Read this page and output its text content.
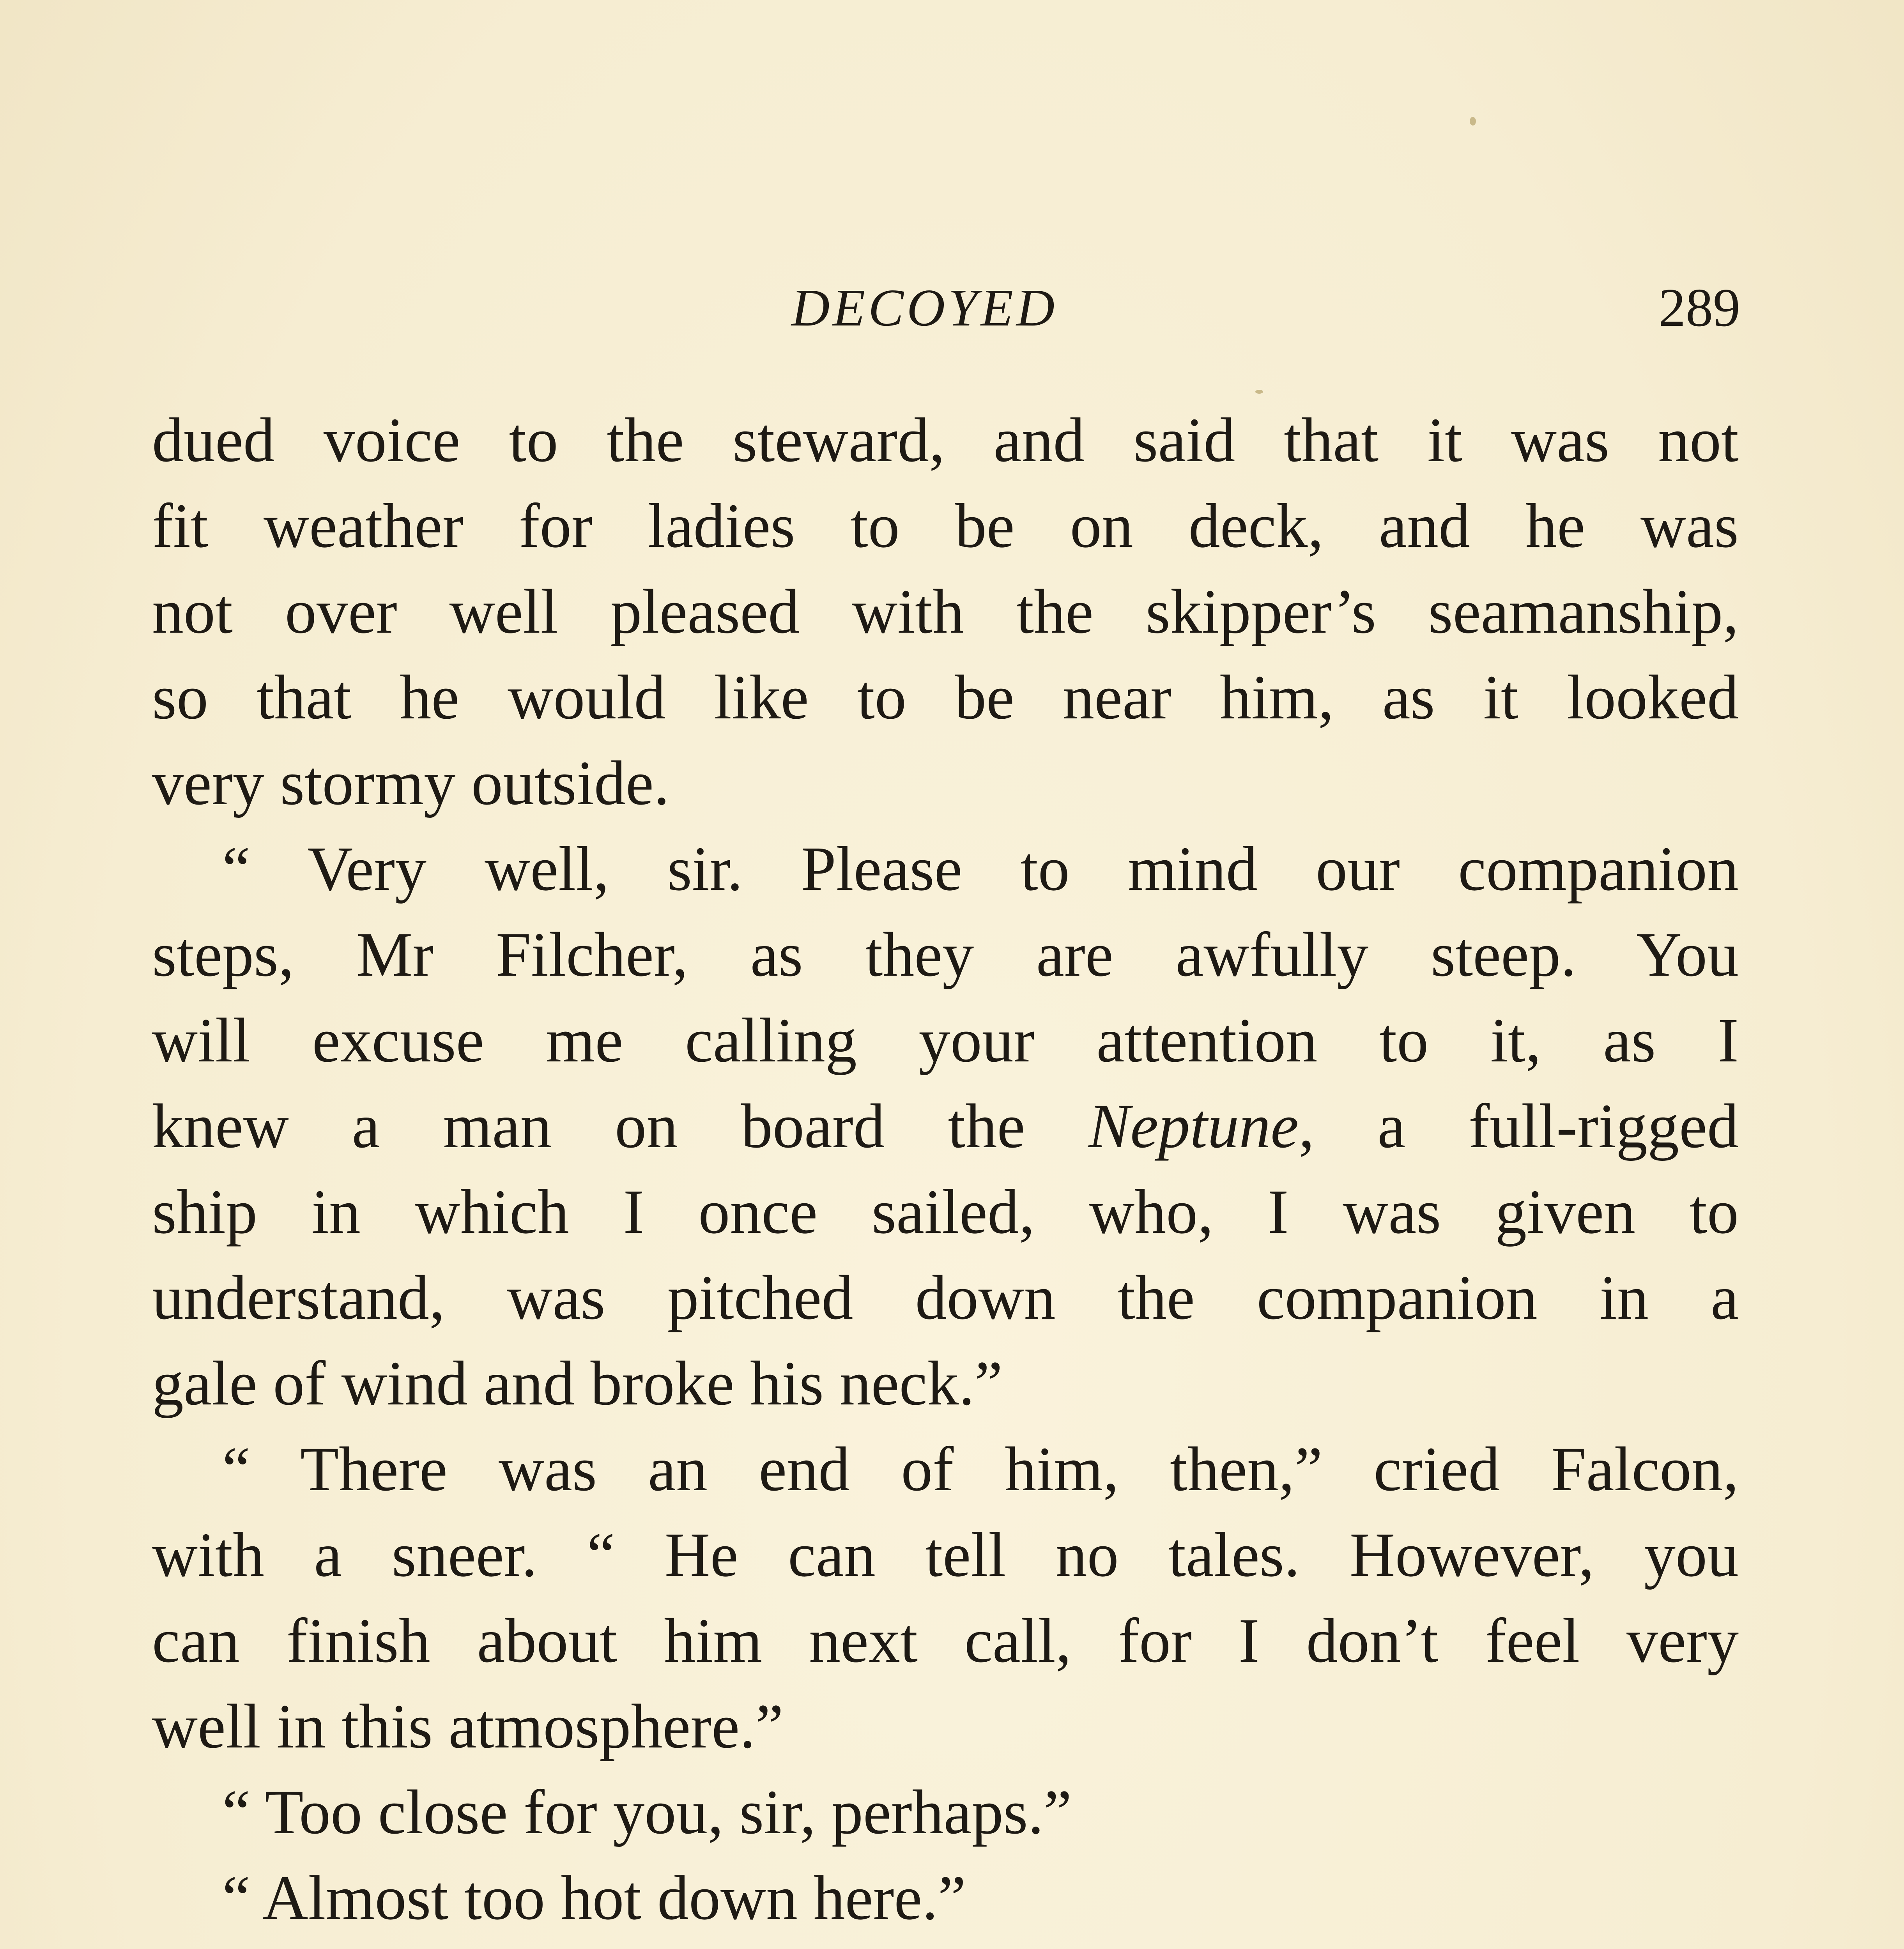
DECOYED	289
dued voice to the steward, and said that it was not
fit weather for ladies to be on deck, and he was
not over well pleased with the skipper’s seamanship,
so that he would like to be near him, as it looked
very stormy outside.
“ Very well, sir. Please to mind our companion
steps, Mr Filcher, as they are awfully steep. You
will excuse me calling your attention to it, as I
knew a man on board the Neptune, a full-rigged
ship in which I once sailed, who, I was given to
understand, was pitched down the companion in a
gale of wind and broke his neck.”
“ There was an end of him, then,” cried Falcon,
with a sneer. “ He can tell no tales. However, you
can finish about him next call, for I don’t feel very
well in this atmosphere.”
“ Too close for you, sir, perhaps.”
“ Almost too hot down here.”
